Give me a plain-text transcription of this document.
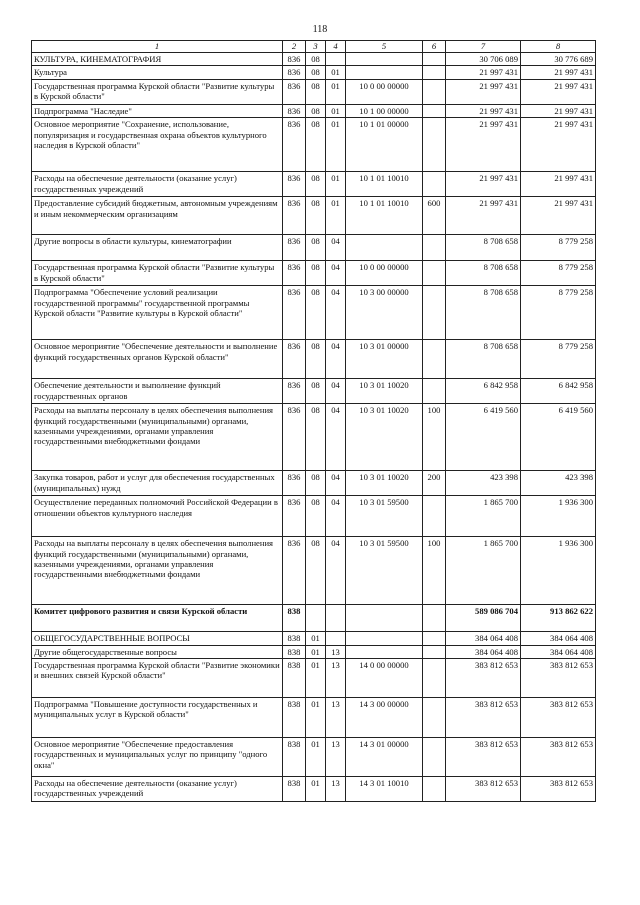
118
1	2	3	4	5	6	7	8
КУЛЬТУРА, КИНЕМАТОГРАФИЯ	836	08				30 706 089	30 776 689
Культура	836	08	01			21 997 431	21 997 431
Государственная программа Курской области "Развитие культуры в Курской области"	836	08	01	10 0 00 00000		21 997 431	21 997 431
Подпрограмма "Наследие"	836	08	01	10 1 00 00000		21 997 431	21 997 431
Основное мероприятие "Сохранение, использование, популяризация и государственная охрана объектов культурного наследия в Курской области"	836	08	01	10 1 01 00000		21 997 431	21 997 431
Расходы на обеспечение деятельности (оказание услуг) государственных учреждений	836	08	01	10 1 01 10010		21 997 431	21 997 431
Предоставление субсидий бюджетным, автономным учреждениям и иным некоммерческим организациям	836	08	01	10 1 01 10010	600	21 997 431	21 997 431
Другие вопросы в области культуры, кинематографии	836	08	04			8 708 658	8 779 258
Государственная программа Курской области "Развитие культуры в Курской области"	836	08	04	10 0 00 00000		8 708 658	8 779 258
Подпрограмма "Обеспечение условий реализации государственной программы" государственной программы Курской области "Развитие культуры в Курской области"	836	08	04	10 3 00 00000		8 708 658	8 779 258
Основное мероприятие "Обеспечение деятельности и выполнение функций государственных органов Курской области"	836	08	04	10 3 01 00000		8 708 658	8 779 258
Обеспечение деятельности и выполнение функций государственных органов	836	08	04	10 3 01 10020		6 842 958	6 842 958
Расходы на выплаты персоналу в целях обеспечения выполнения функций государственными (муниципальными) органами, казенными учреждениями, органами управления государственными внебюджетными фондами	836	08	04	10 3 01 10020	100	6 419 560	6 419 560
Закупка товаров, работ и услуг для обеспечения государственных (муниципальных) нужд	836	08	04	10 3 01 10020	200	423 398	423 398
Осуществление переданных полномочий Российской Федерации в отношении объектов культурного наследия	836	08	04	10 3 01 59500		1 865 700	1 936 300
Расходы на выплаты персоналу в целях обеспечения выполнения функций государственными (муниципальными) органами, казенными учреждениями, органами управления государственными внебюджетными фондами	836	08	04	10 3 01 59500	100	1 865 700	1 936 300
Комитет цифрового развития и связи Курской области	838					589 086 704	913 862 622
ОБЩЕГОСУДАРСТВЕННЫЕ ВОПРОСЫ	838	01				384 064 408	384 064 408
Другие общегосударственные вопросы	838	01	13			384 064 408	384 064 408
Государственная программа Курской области "Развитие экономики и внешних связей Курской области"	838	01	13	14 0 00 00000		383 812 653	383 812 653
Подпрограмма "Повышение доступности государственных и муниципальных услуг в Курской области"	838	01	13	14 3 00 00000		383 812 653	383 812 653
Основное мероприятие "Обеспечение предоставления государственных и муниципальных услуг по принципу "одного окна"	838	01	13	14 3 01 00000		383 812 653	383 812 653
Расходы на обеспечение деятельности (оказание услуг) государственных учреждений	838	01	13	14 3 01 10010		383 812 653	383 812 653
